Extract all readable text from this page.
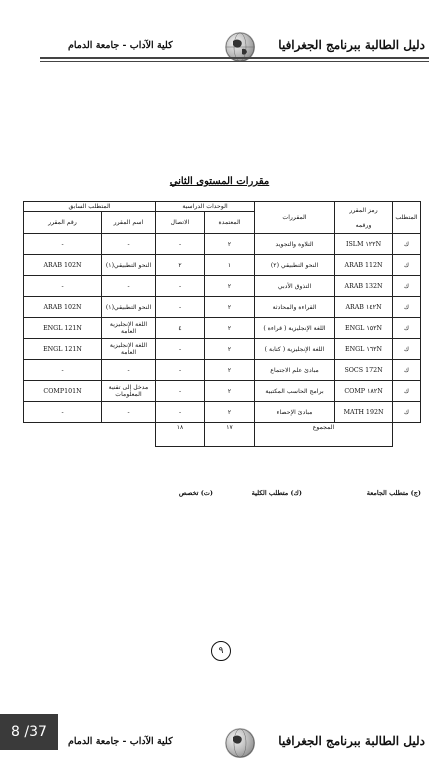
دليل الطالبة ببرنامج الجغرافيا
كلية الآداب - جامعة الدمام
مقررات المستوى الثاني
المتطلب	رمز المقرر
ورقمه	المقررات	الوحدات الدراسية		المتطلب السابق	
			المعتمدة	الاتصال	اسم المقرر	رقم المقرر
ك	ISLM ١٢٢N	التلاوة والتجويد	٢	-	-	-
ك	ARAB 112N	النحو التطبيقي (٢)	١	٢	النحو التطبيقي(١)	ARAB 102N
ك	ARAB 132N	التذوق الأدبي	٢	-	-	-
ك	ARAB ١٤٢N	القراءة والمحادثة	٢	-	النحو التطبيقي(١)	ARAB 102N
ك	ENGL ١٥٢N	اللغة الإنجليزية ( قراءة )	٢	٤	اللغة الإنجليزية العامة	ENGL 121N
ك	ENGL ١٦٢N	اللغة الإنجليزية ( كتابة )	٢	-	اللغة الإنجليزية العامة	ENGL 121N
ك	SOCS 172N	مبادئ علم الاجتماع	٢	-	-	-
ك	COMP ١٨٢N	برامج الحاسب المكتبية	٢	-	مدخل إلى تقنية المعلومات	COMP101N
ك	MATH 192N	مبادئ الإحصاء	٢	-	-	-
	المجموع		١٧	١٨		
(ج) متطلب الجامعة
(ك) متطلب الكلية
(ت) تخصص
٩
دليل الطالبة ببرنامج الجغرافيا
كلية الآداب - جامعة الدمام
8 /37
